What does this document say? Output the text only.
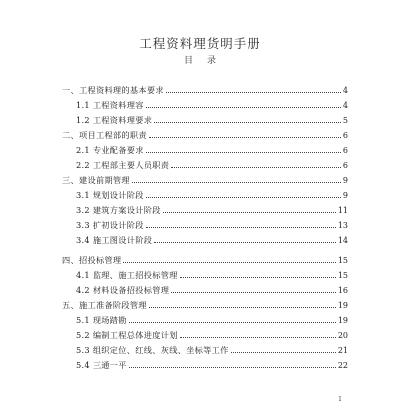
工程资料理货明手册
目录
一、工程资料理的基本要求	4
1.1 工程资料理容	4
1.2 工程资料理要求	5
二、项目工程部的职责	6
2.1 专业配备要求	6
2.2 工程部主要人员职责	6
三、建设前期管理	9
3.1 规划设计阶段	9
3.2 建筑方案设计阶段	11
3.3 扩初设计阶段	13
3.4 施工图设计阶段	14
四、招投标管理	15
4.1 监理、施工招投标管理	15
4.2 材料设备招投标管理	16
五、施工准备阶段管理	19
5.1 现场踏勘	19
5.2 编制工程总体进度计划	20
5.3 组织定位、红线、灰线、坐标等工作	21
5.4 三通一平	22
1
